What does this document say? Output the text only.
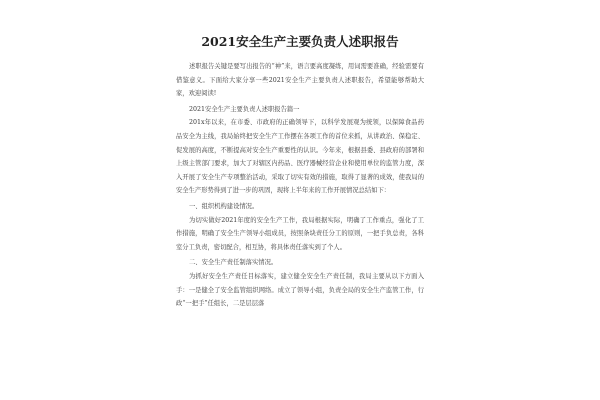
2021安全生产主要负责人述职报告

述职报告关键是要写出报告的“神”来，语言要高度凝练，用词需要准确，经验需要有借鉴意义。下面给大家分享一些2021安全生产主要负责人述职报告，希望能够帮助大家，欢迎阅读!

2021安全生产主要负责人述职报告篇一

201x年以来，在市委、市政府的正确领导下，以科学发展观为统领，以保障食品药品安全为主线，我局始终把安全生产工作摆在各项工作的首位来抓，从讲政治、保稳定、促发展的高度，不断提高对安全生产重要性的认识。今年来，根据县委、县政府的部署和上级主管部门要求，加大了对辖区内药品、医疗器械经营企业和使用单位的监管力度，深入开展了安全生产专项整治活动，采取了切实有效的措施，取得了显著的成效，使我局的安全生产形势得到了进一步的巩固，现将上半年来的工作开展情况总结如下：

一、组织机构建设情况。

为切实做好2021年度的安全生产工作，我局根据实际，明确了工作重点，强化了工作措施，明确了安全生产领导小组成员，按照条块责任分工的原则，一把手负总责，各科室分工负责，密切配合，相互协，将具体责任落实到了个人。

二、安全生产责任制落实情况。

为抓好安全生产责任目标落实，建立健全安全生产责任制，我局主要从以下方面入手：一是健全了安全监管组织网络。成立了领导小组，负责全局的安全生产监管工作，行政“一把手”任组长，二是层层落
